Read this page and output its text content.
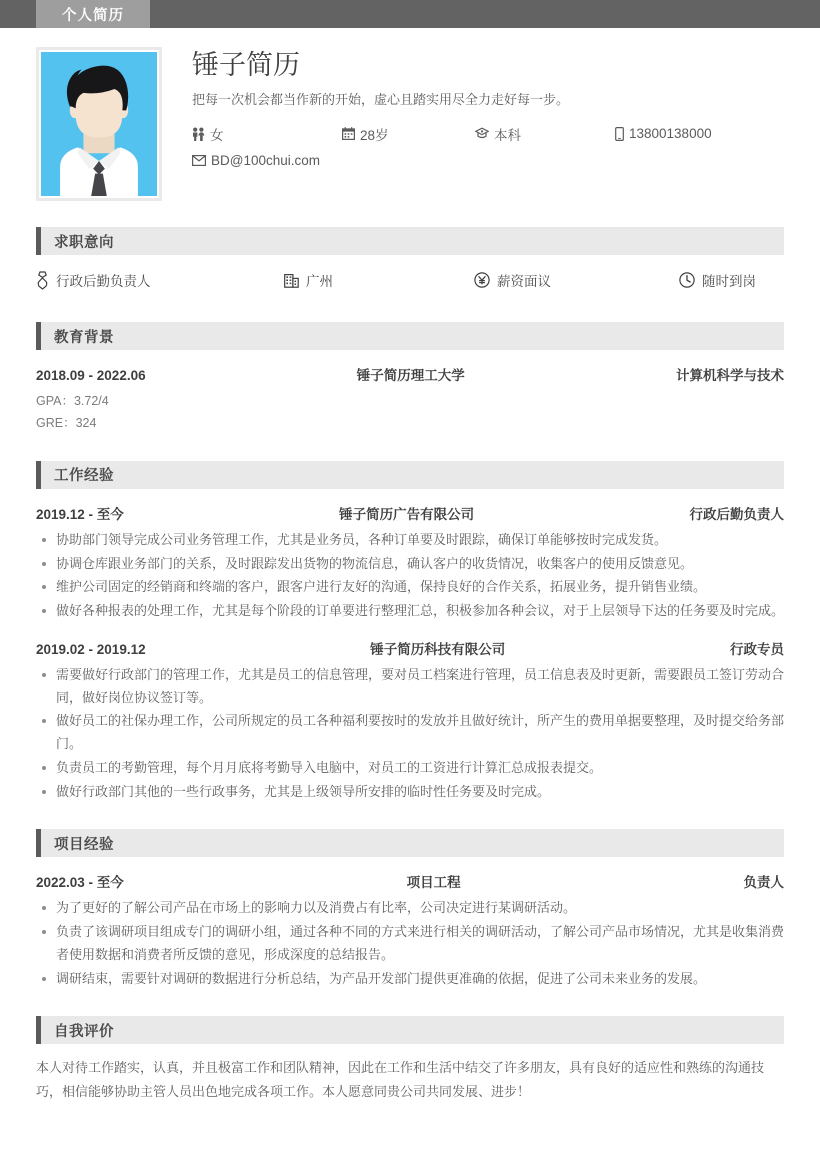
个人简历
锤子简历
把每一次机会都当作新的开始，虚心且踏实用尽全力走好每一步。
女	28岁	本科	13800138000
BD@100chui.com
求职意向
行政后勤负责人	广州	薪资面议	随时到岗
教育背景
2018.09 - 2022.06	锤子简历理工大学	计算机科学与技术
GPA：3.72/4
GRE：324
工作经验
2019.12 - 至今	锤子简历广告有限公司	行政后勤负责人
协助部门领导完成公司业务管理工作，尤其是业务员，各种订单要及时跟踪，确保订单能够按时完成发货。
协调仓库跟业务部门的关系，及时跟踪发出货物的物流信息，确认客户的收货情况，收集客户的使用反馈意见。
维护公司固定的经销商和终端的客户，跟客户进行友好的沟通，保持良好的合作关系，拓展业务，提升销售业绩。
做好各种报表的处理工作，尤其是每个阶段的订单要进行整理汇总，积极参加各种会议，对于上层领导下达的任务要及时完成。
2019.02 - 2019.12	锤子简历科技有限公司	行政专员
需要做好行政部门的管理工作，尤其是员工的信息管理，要对员工档案进行管理，员工信息表及时更新，需要跟员工签订劳动合同，做好岗位协议签订等。
做好员工的社保办理工作，公司所规定的员工各种福利要按时的发放并且做好统计，所产生的费用单据要整理，及时提交给务部门。
负责员工的考勤管理，每个月月底将考勤导入电脑中，对员工的工资进行计算汇总成报表提交。
做好行政部门其他的一些行政事务，尤其是上级领导所安排的临时性任务要及时完成。
项目经验
2022.03 - 至今	项目工程	负责人
为了更好的了解公司产品在市场上的影响力以及消费占有比率，公司决定进行某调研活动。
负责了该调研项目组成专门的调研小组，通过各种不同的方式来进行相关的调研活动，了解公司产品市场情况，尤其是收集消费者使用数据和消费者所反馈的意见，形成深度的总结报告。
调研结束，需要针对调研的数据进行分析总结，为产品开发部门提供更准确的依据，促进了公司未来业务的发展。
自我评价
本人对待工作踏实，认真，并且极富工作和团队精神，因此在工作和生活中结交了许多朋友，具有良好的适应性和熟练的沟通技巧，相信能够协助主管人员出色地完成各项工作。本人愿意同贵公司共同发展、进步！
